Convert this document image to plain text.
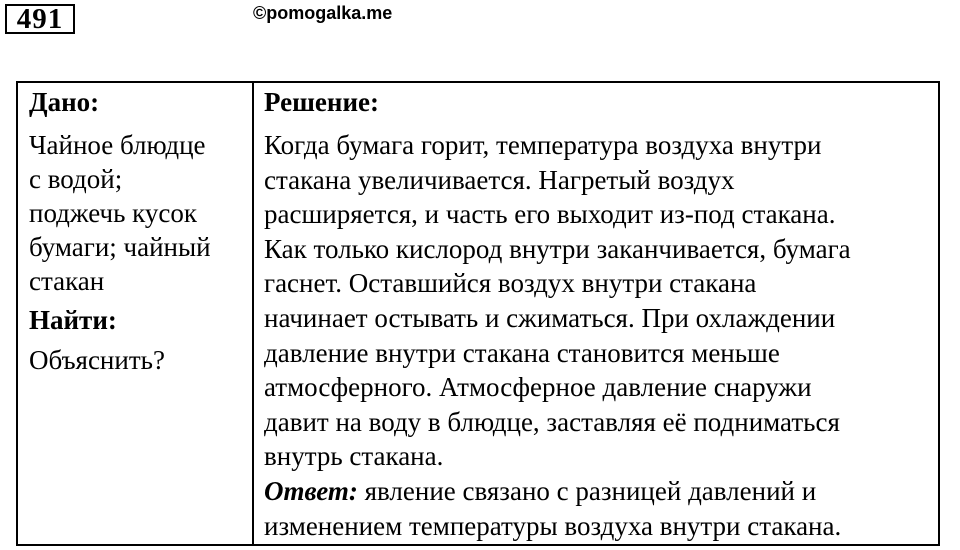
491	©pomogalka.me
Дано:
Чайное блюдце
с водой;
поджечь кусок
бумаги; чайный
стакан
Найти:
Объяснить?
Решение:
Когда бумага горит, температура воздуха внутри
стакана увеличивается. Нагретый воздух
расширяется, и часть его выходит из-под стакана.
Как только кислород внутри заканчивается, бумага
гаснет. Оставшийся воздух внутри стакана
начинает остывать и сжиматься. При охлаждении
давление внутри стакана становится меньше
атмосферного. Атмосферное давление снаружи
давит на воду в блюдце, заставляя её подниматься
внутрь стакана.
Ответ: явление связано с разницей давлений и
изменением температуры воздуха внутри стакана.
